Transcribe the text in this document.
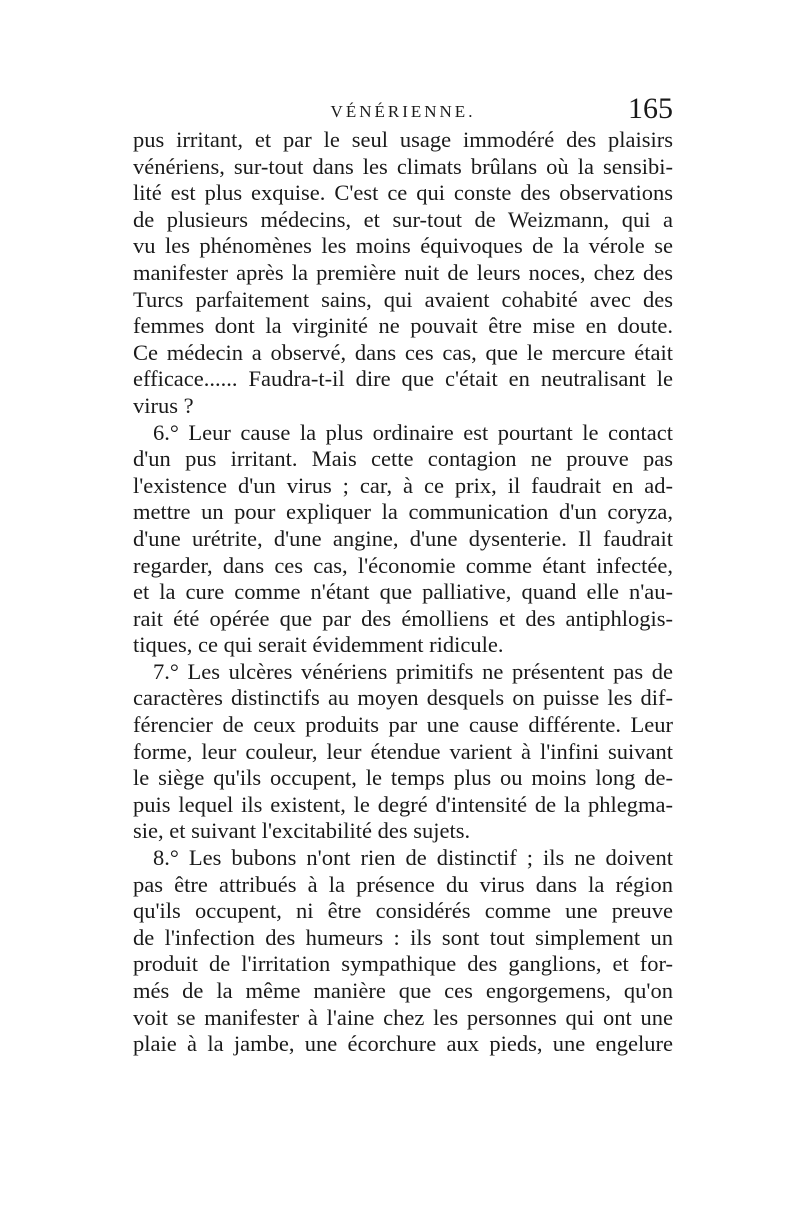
VÉNÉRIENNE.	165
pus irritant, et par le seul usage immodéré des plaisirs
vénériens, sur-tout dans les climats brûlans où la sensibi-
lité est plus exquise. C'est ce qui conste des observations
de plusieurs médecins, et sur-tout de Weizmann, qui a
vu les phénomènes les moins équivoques de la vérole se
manifester après la première nuit de leurs noces, chez des
Turcs parfaitement sains, qui avaient cohabité avec des
femmes dont la virginité ne pouvait être mise en doute.
Ce médecin a observé, dans ces cas, que le mercure était
efficace...... Faudra-t-il dire que c'était en neutralisant le
virus ?
6.° Leur cause la plus ordinaire est pourtant le contact
d'un pus irritant. Mais cette contagion ne prouve pas
l'existence d'un virus ; car, à ce prix, il faudrait en ad-
mettre un pour expliquer la communication d'un coryza,
d'une urétrite, d'une angine, d'une dysenterie. Il faudrait
regarder, dans ces cas, l'économie comme étant infectée,
et la cure comme n'étant que palliative, quand elle n'au-
rait été opérée que par des émolliens et des antiphlogis-
tiques, ce qui serait évidemment ridicule.
7.° Les ulcères vénériens primitifs ne présentent pas de
caractères distinctifs au moyen desquels on puisse les dif-
férencier de ceux produits par une cause différente. Leur
forme, leur couleur, leur étendue varient à l'infini suivant
le siège qu'ils occupent, le temps plus ou moins long de-
puis lequel ils existent, le degré d'intensité de la phlegma-
sie, et suivant l'excitabilité des sujets.
8.° Les bubons n'ont rien de distinctif ; ils ne doivent
pas être attribués à la présence du virus dans la région
qu'ils occupent, ni être considérés comme une preuve
de l'infection des humeurs : ils sont tout simplement un
produit de l'irritation sympathique des ganglions, et for-
més de la même manière que ces engorgemens, qu'on
voit se manifester à l'aine chez les personnes qui ont une
plaie à la jambe, une écorchure aux pieds, une engelure
